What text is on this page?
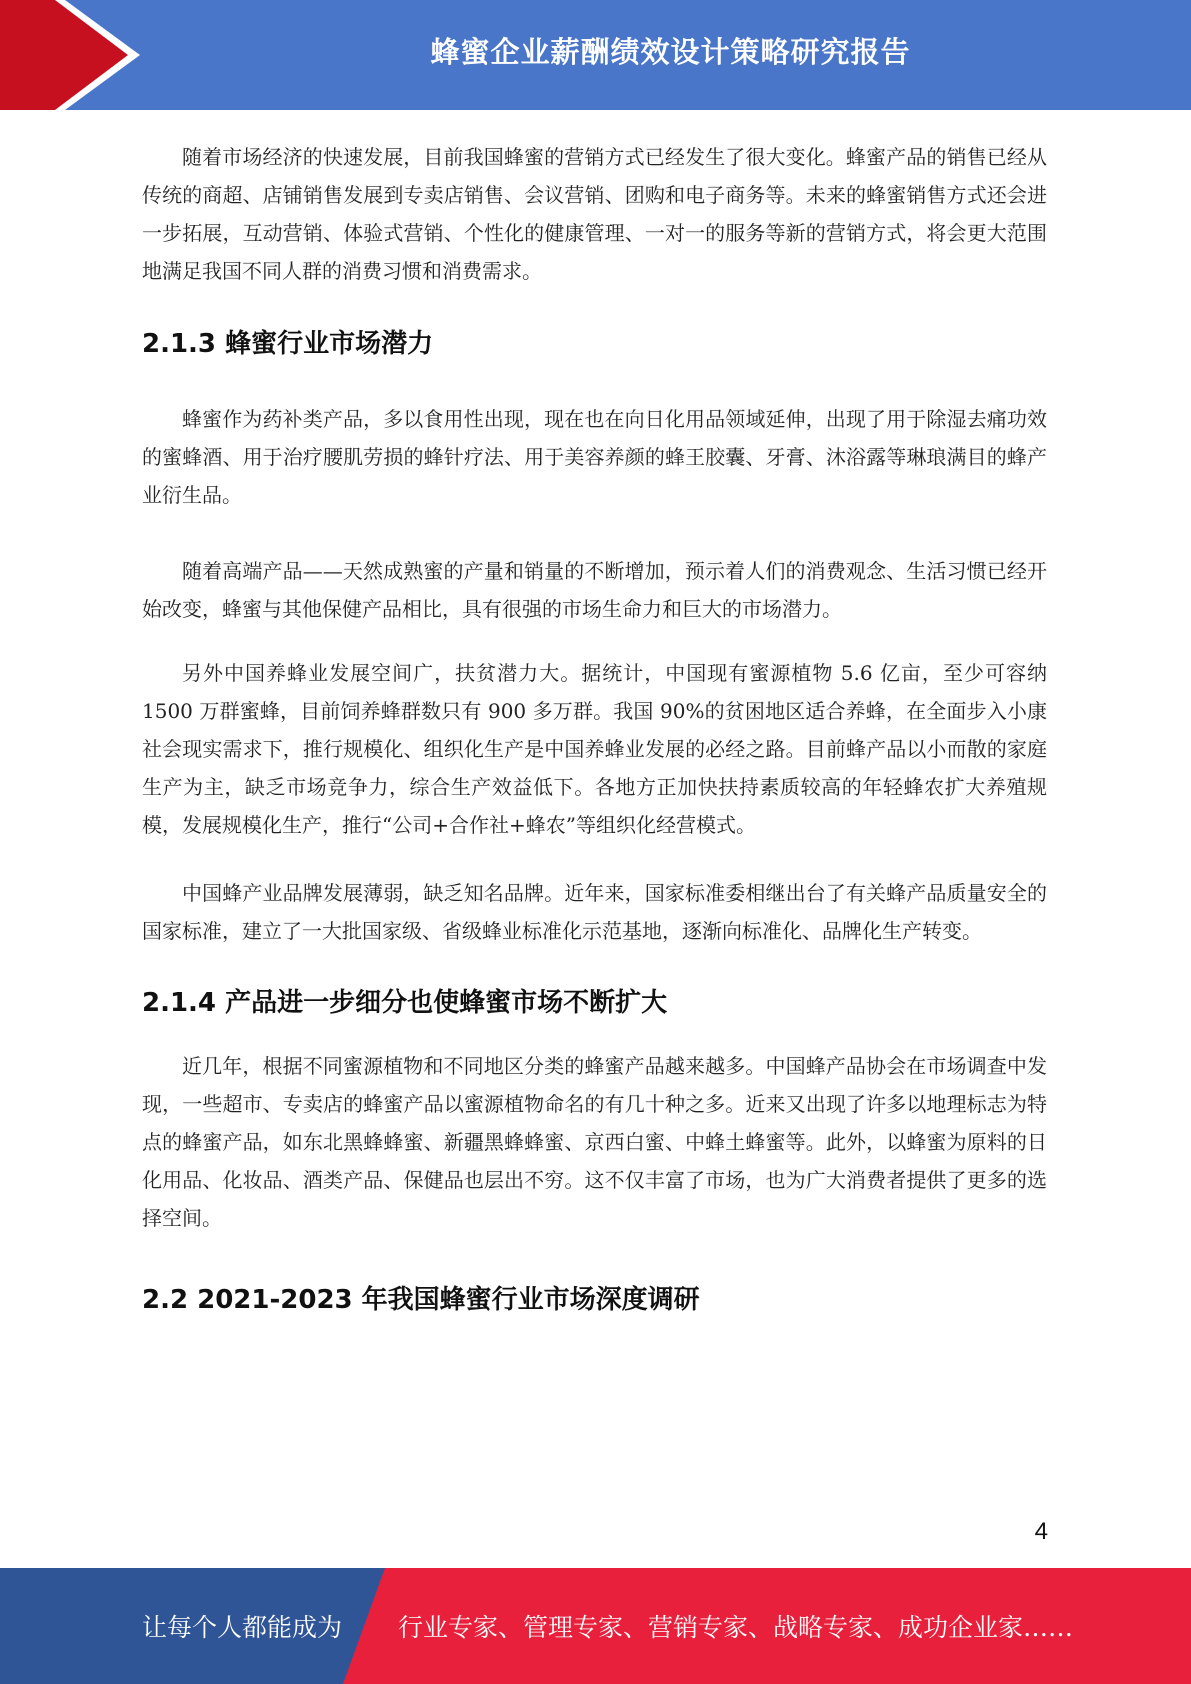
蜂蜜企业薪酬绩效设计策略研究报告

随着市场经济的快速发展，目前我国蜂蜜的营销方式已经发生了很大变化。蜂蜜产品的销售已经从传统的商超、店铺销售发展到专卖店销售、会议营销、团购和电子商务等。未来的蜂蜜销售方式还会进一步拓展，互动营销、体验式营销、个性化的健康管理、一对一的服务等新的营销方式，将会更大范围地满足我国不同人群的消费习惯和消费需求。

2.1.3 蜂蜜行业市场潜力

蜂蜜作为药补类产品，多以食用性出现，现在也在向日化用品领域延伸，出现了用于除湿去痛功效的蜜蜂酒、用于治疗腰肌劳损的蜂针疗法、用于美容养颜的蜂王胶囊、牙膏、沐浴露等琳琅满目的蜂产业衍生品。

随着高端产品——天然成熟蜜的产量和销量的不断增加，预示着人们的消费观念、生活习惯已经开始改变，蜂蜜与其他保健产品相比，具有很强的市场生命力和巨大的市场潜力。

另外中国养蜂业发展空间广，扶贫潜力大。据统计，中国现有蜜源植物 5.6 亿亩，至少可容纳 1500 万群蜜蜂，目前饲养蜂群数只有 900 多万群。我国 90%的贫困地区适合养蜂，在全面步入小康社会现实需求下，推行规模化、组织化生产是中国养蜂业发展的必经之路。目前蜂产品以小而散的家庭生产为主，缺乏市场竞争力，综合生产效益低下。各地方正加快扶持素质较高的年轻蜂农扩大养殖规模，发展规模化生产，推行“公司+合作社+蜂农”等组织化经营模式。

中国蜂产业品牌发展薄弱，缺乏知名品牌。近年来，国家标准委相继出台了有关蜂产品质量安全的国家标准，建立了一大批国家级、省级蜂业标准化示范基地，逐渐向标准化、品牌化生产转变。

2.1.4 产品进一步细分也使蜂蜜市场不断扩大

近几年，根据不同蜜源植物和不同地区分类的蜂蜜产品越来越多。中国蜂产品协会在市场调查中发现，一些超市、专卖店的蜂蜜产品以蜜源植物命名的有几十种之多。近来又出现了许多以地理标志为特点的蜂蜜产品，如东北黑蜂蜂蜜、新疆黑蜂蜂蜜、京西白蜜、中蜂土蜂蜜等。此外，以蜂蜜为原料的日化用品、化妆品、酒类产品、保健品也层出不穷。这不仅丰富了市场，也为广大消费者提供了更多的选择空间。

2.2 2021-2023 年我国蜂蜜行业市场深度调研
4
让每个人都能成为 行业专家、管理专家、营销专家、战略专家、成功企业家……
